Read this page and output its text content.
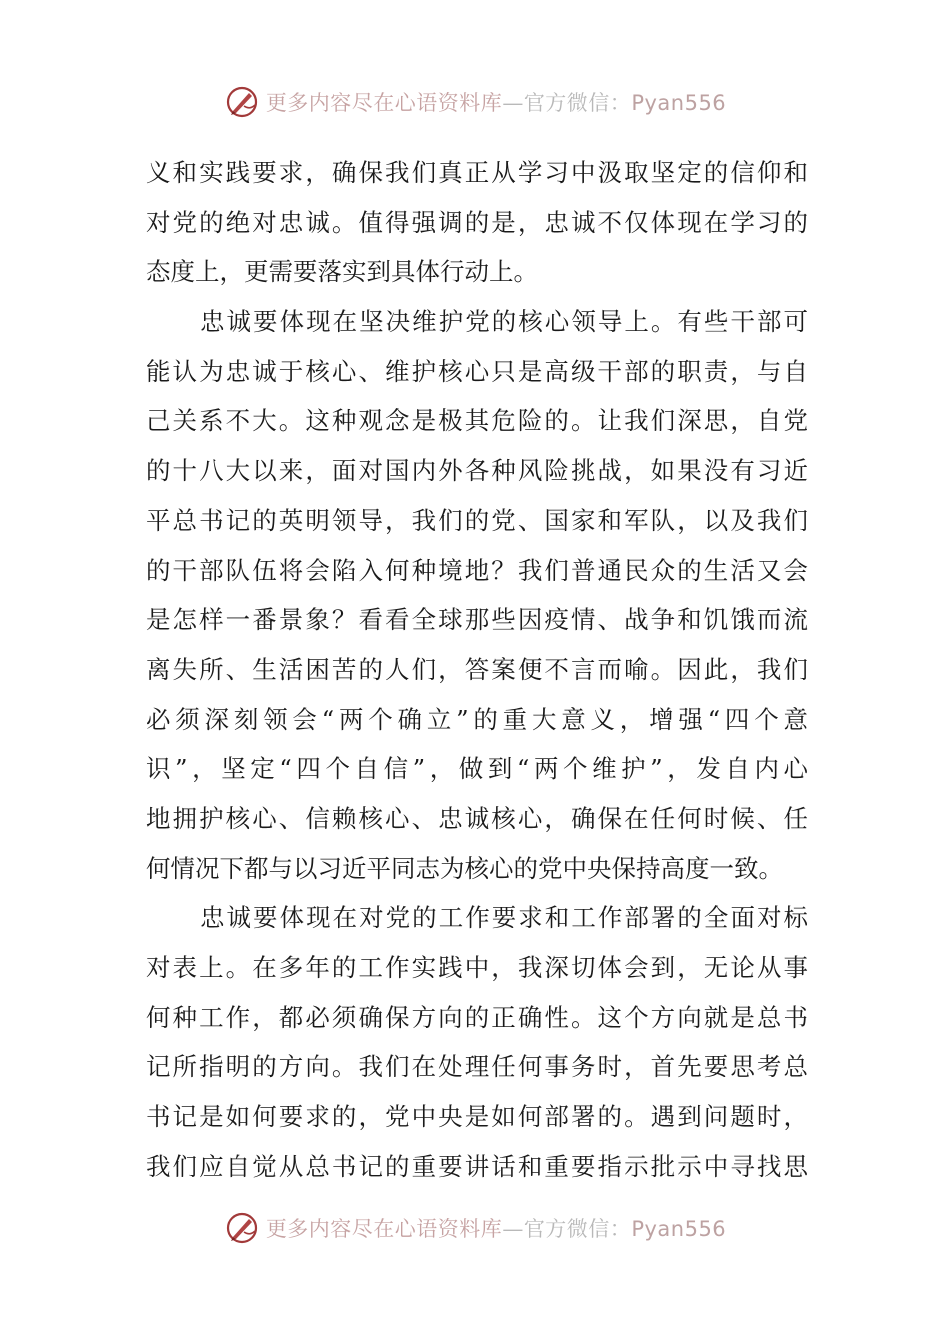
更多内容尽在心语资料库—官方微信：Pyan556
义和实践要求，确保我们真正从学习中汲取坚定的信仰和
对党的绝对忠诚。值得强调的是，忠诚不仅体现在学习的
态度上，更需要落实到具体行动上。
忠诚要体现在坚决维护党的核心领导上。有些干部可
能认为忠诚于核心、维护核心只是高级干部的职责，与自
己关系不大。这种观念是极其危险的。让我们深思，自党
的十八大以来，面对国内外各种风险挑战，如果没有习近
平总书记的英明领导，我们的党、国家和军队，以及我们
的干部队伍将会陷入何种境地？我们普通民众的生活又会
是怎样一番景象？看看全球那些因疫情、战争和饥饿而流
离失所、生活困苦的人们，答案便不言而喻。因此，我们
必须深刻领会“两个确立”的重大意义，增强“四个意
识”，坚定“四个自信”，做到“两个维护”，发自内心
地拥护核心、信赖核心、忠诚核心，确保在任何时候、任
何情况下都与以习近平同志为核心的党中央保持高度一致。
忠诚要体现在对党的工作要求和工作部署的全面对标
对表上。在多年的工作实践中，我深切体会到，无论从事
何种工作，都必须确保方向的正确性。这个方向就是总书
记所指明的方向。我们在处理任何事务时，首先要思考总
书记是如何要求的，党中央是如何部署的。遇到问题时，
我们应自觉从总书记的重要讲话和重要指示批示中寻找思
更多内容尽在心语资料库—官方微信：Pyan556
